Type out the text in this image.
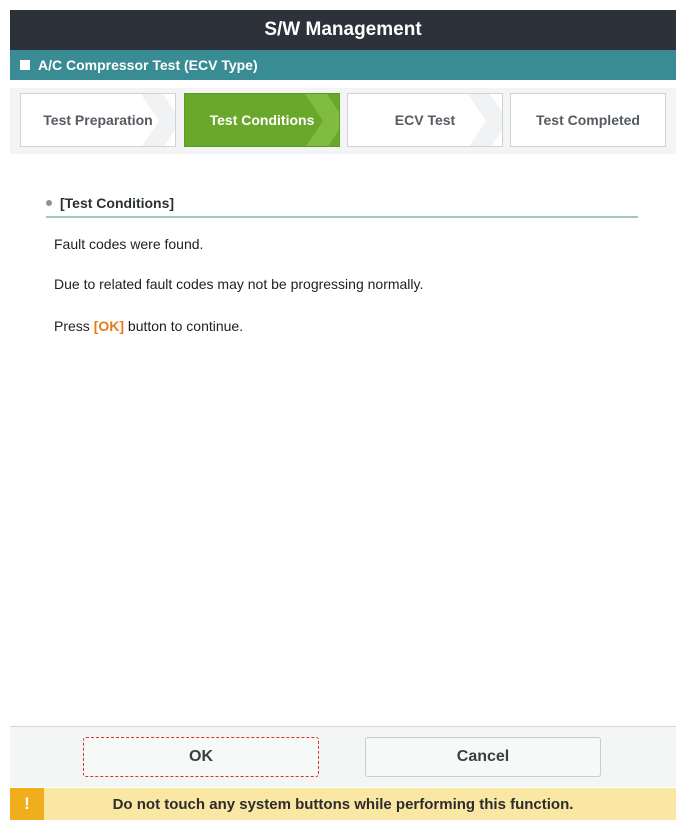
S/W Management
A/C Compressor Test (ECV Type)
Test Preparation	Test Conditions	ECV Test	Test Completed
[Test Conditions]
Fault codes were found.
Due to related fault codes may not be progressing normally.
Press [OK] button to continue.
OK	Cancel
!	Do not touch any system buttons while performing this function.
